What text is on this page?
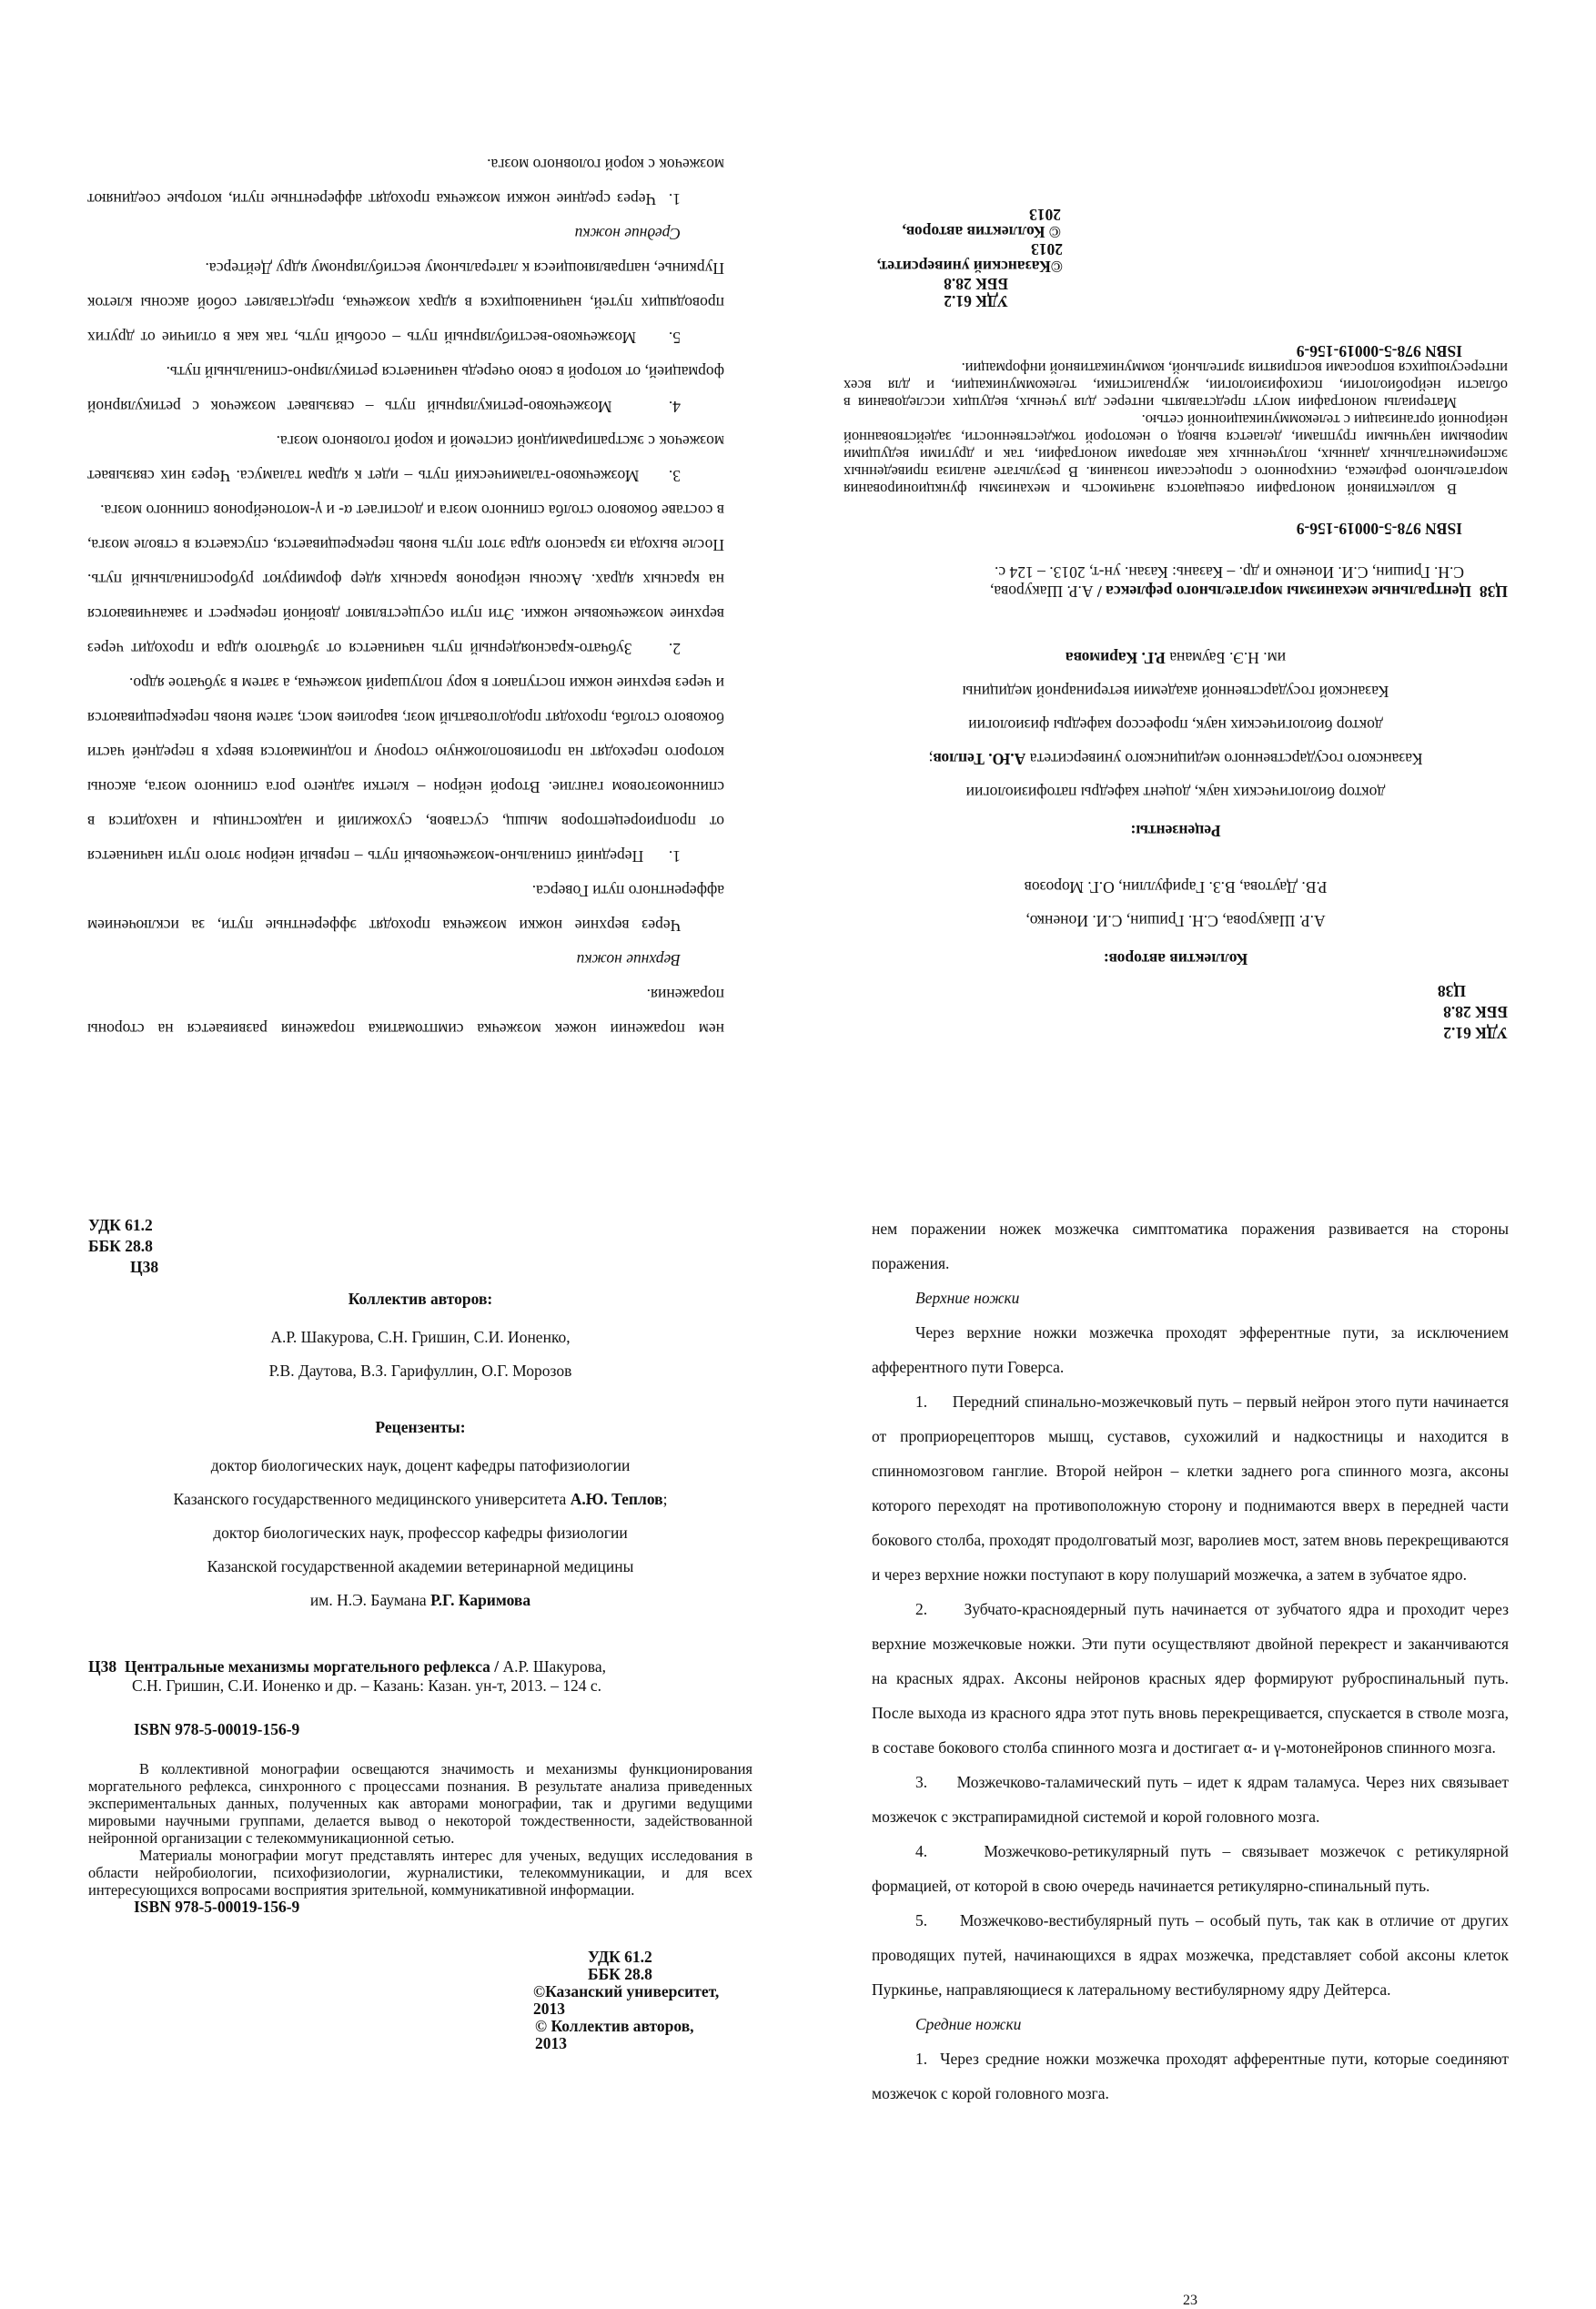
УДК 61.2
ББК 28.8
Ц38
Коллектив авторов:
А.Р. Шакурова, С.Н. Гришин, С.И. Ионенко,
Р.В. Даутова, В.З. Гарифуллин, О.Г. Морозов
Рецензенты:
доктор биологических наук, доцент кафедры патофизиологии
Казанского государственного медицинского университета А.Ю. Теплов;
доктор биологических наук, профессор кафедры физиологии
Казанской государственной академии ветеринарной медицины
им. Н.Э. Баумана Р.Г. Каримова
Ц38  Центральные механизмы моргательного рефлекса / А.Р. Шакурова,
С.Н. Гришин, С.И. Ионенко и др. – Казань: Казан. ун-т, 2013. – 124 с.
ISBN 978-5-00019-156-9

В коллективной монографии освещаются значимость и механизмы функционирования моргательного рефлекса, синхронного с процессами познания. В результате анализа приведенных экспериментальных данных, полученных как авторами монографии, так и другими ведущими мировыми научными группами, делается вывод о некоторой тождественности, задействованной нейронной организации с телекоммуникационной сетью.

Материалы монографии могут представлять интерес для ученых, ведущих исследования в области нейробиологии, психофизиологии, журналистики, телекоммуникации, и для всех интересующихся вопросами восприятия зрительной, коммуникативной информации.

ISBN 978-5-00019-156-9
УДК 61.2
ББК 28.8
©Казанский университет, 2013
© Коллектив авторов, 2013

нем поражении ножек мозжечка симптоматика поражения развивается на стороны поражения.

Верхние ножки

Через верхние ножки мозжечка проходят эфферентные пути, за исключением афферентного пути Говерса.

1.     Передний спинально-мозжечковый путь – первый нейрон этого пути начинается от проприорецепторов мышц, суставов, сухожилий и надкостницы и находится в спинномозговом ганглие. Второй нейрон – клетки заднего рога спинного мозга, аксоны которого переходят на противоположную сторону и поднимаются вверх в передней части бокового столба, проходят продолговатый мозг, варолиев мост, затем вновь перекрещиваются и через верхние ножки поступают в кору полушарий мозжечка, а затем в зубчатое ядро.

2.     Зубчато-красноядерный путь начинается от зубчатого ядра и проходит через верхние мозжечковые ножки. Эти пути осуществляют двойной перекрест и заканчиваются на красных ядрах. Аксоны нейронов красных ядер формируют руброспинальный путь. После выхода из красного ядра этот путь вновь перекрещивается, спускается в стволе мозга, в составе бокового столба спинного мозга и достигает α- и γ-мотонейронов спинного мозга.

3.     Мозжечково-таламический путь – идет к ядрам таламуса. Через них связывает мозжечок с экстрапирамидной системой и корой головного мозга.

4.     Мозжечково-ретикулярный путь – связывает мозжечок с ретикулярной формацией, от которой в свою очередь начинается ретикулярно-спинальный путь.

5.     Мозжечково-вестибулярный путь – особый путь, так как в отличие от других проводящих путей, начинающихся в ядрах мозжечка, представляет собой аксоны клеток Пуркинье, направляющиеся к латеральному вестибулярному ядру Дейтерса.

Средние ножки

1.  Через средние ножки мозжечка проходят афферентные пути, которые соединяют мозжечок с корой головного мозга.

УДК 61.2
ББК 28.8
Ц38
Коллектив авторов:
А.Р. Шакурова, С.Н. Гришин, С.И. Ионенко,
Р.В. Даутова, В.З. Гарифуллин, О.Г. Морозов
Рецензенты:
доктор биологических наук, доцент кафедры патофизиологии
Казанского государственного медицинского университета А.Ю. Теплов;
доктор биологических наук, профессор кафедры физиологии
Казанской государственной академии ветеринарной медицины
им. Н.Э. Баумана Р.Г. Каримова
Ц38 Центральные механизмы моргательного рефлекса / А.Р. Шакурова,
С.Н. Гришин, С.И. Ионенко и др. – Казань: Казан. ун-т, 2013. – 124 с.
ISBN 978-5-00019-156-9

В коллективной монографии освещаются значимость и механизмы функционирования моргательного рефлекса, синхронного с процессами познания. В результате анализа приведенных экспериментальных данных, полученных как авторами монографии, так и другими ведущими мировыми научными группами, делается вывод о некоторой тождественности, задействованной нейронной организации с телекоммуникационной сетью.

Материалы монографии могут представлять интерес для ученых, ведущих исследования в области нейробиологии, психофизиологии, журналистики, телекоммуникации, и для всех интересующихся вопросами восприятия зрительной, коммуникативной информации.

ISBN 978-5-00019-156-9
УДК 61.2
ББК 28.8
©Казанский университет, 2013
© Коллектив авторов, 2013

нем поражении ножек мозжечка симптоматика поражения развивается на стороны поражения.

Верхние ножки

Через верхние ножки мозжечка проходят эфферентные пути, за исключением афферентного пути Говерса.

1.     Передний спинально-мозжечковый путь – первый нейрон этого пути начинается от проприорецепторов мышц, суставов, сухожилий и надкостницы и находится в спинномозговом ганглие. Второй нейрон – клетки заднего рога спинного мозга, аксоны которого переходят на противоположную сторону и поднимаются вверх в передней части бокового столба, проходят продолговатый мозг, варолиев мост, затем вновь перекрещиваются и через верхние ножки поступают в кору полушарий мозжечка, а затем в зубчатое ядро.

2.     Зубчато-красноядерный путь начинается от зубчатого ядра и проходит через верхние мозжечковые ножки. Эти пути осуществляют двойной перекрест и заканчиваются на красных ядрах. Аксоны нейронов красных ядер формируют руброспинальный путь. После выхода из красного ядра этот путь вновь перекрещивается, спускается в стволе мозга, в составе бокового столба спинного мозга и достигает α- и γ-мотонейронов спинного мозга.

3.     Мозжечково-таламический путь – идет к ядрам таламуса. Через них связывает мозжечок с экстрапирамидной системой и корой головного мозга.

4.     Мозжечково-ретикулярный путь – связывает мозжечок с ретикулярной формацией, от которой в свою очередь начинается ретикулярно-спинальный путь.

5.     Мозжечково-вестибулярный путь – особый путь, так как в отличие от других проводящих путей, начинающихся в ядрах мозжечка, представляет собой аксоны клеток Пуркинье, направляющиеся к латеральному вестибулярному ядру Дейтерса.

Средние ножки

1.  Через средние ножки мозжечка проходят афферентные пути, которые соединяют мозжечок с корой головного мозга.

23
